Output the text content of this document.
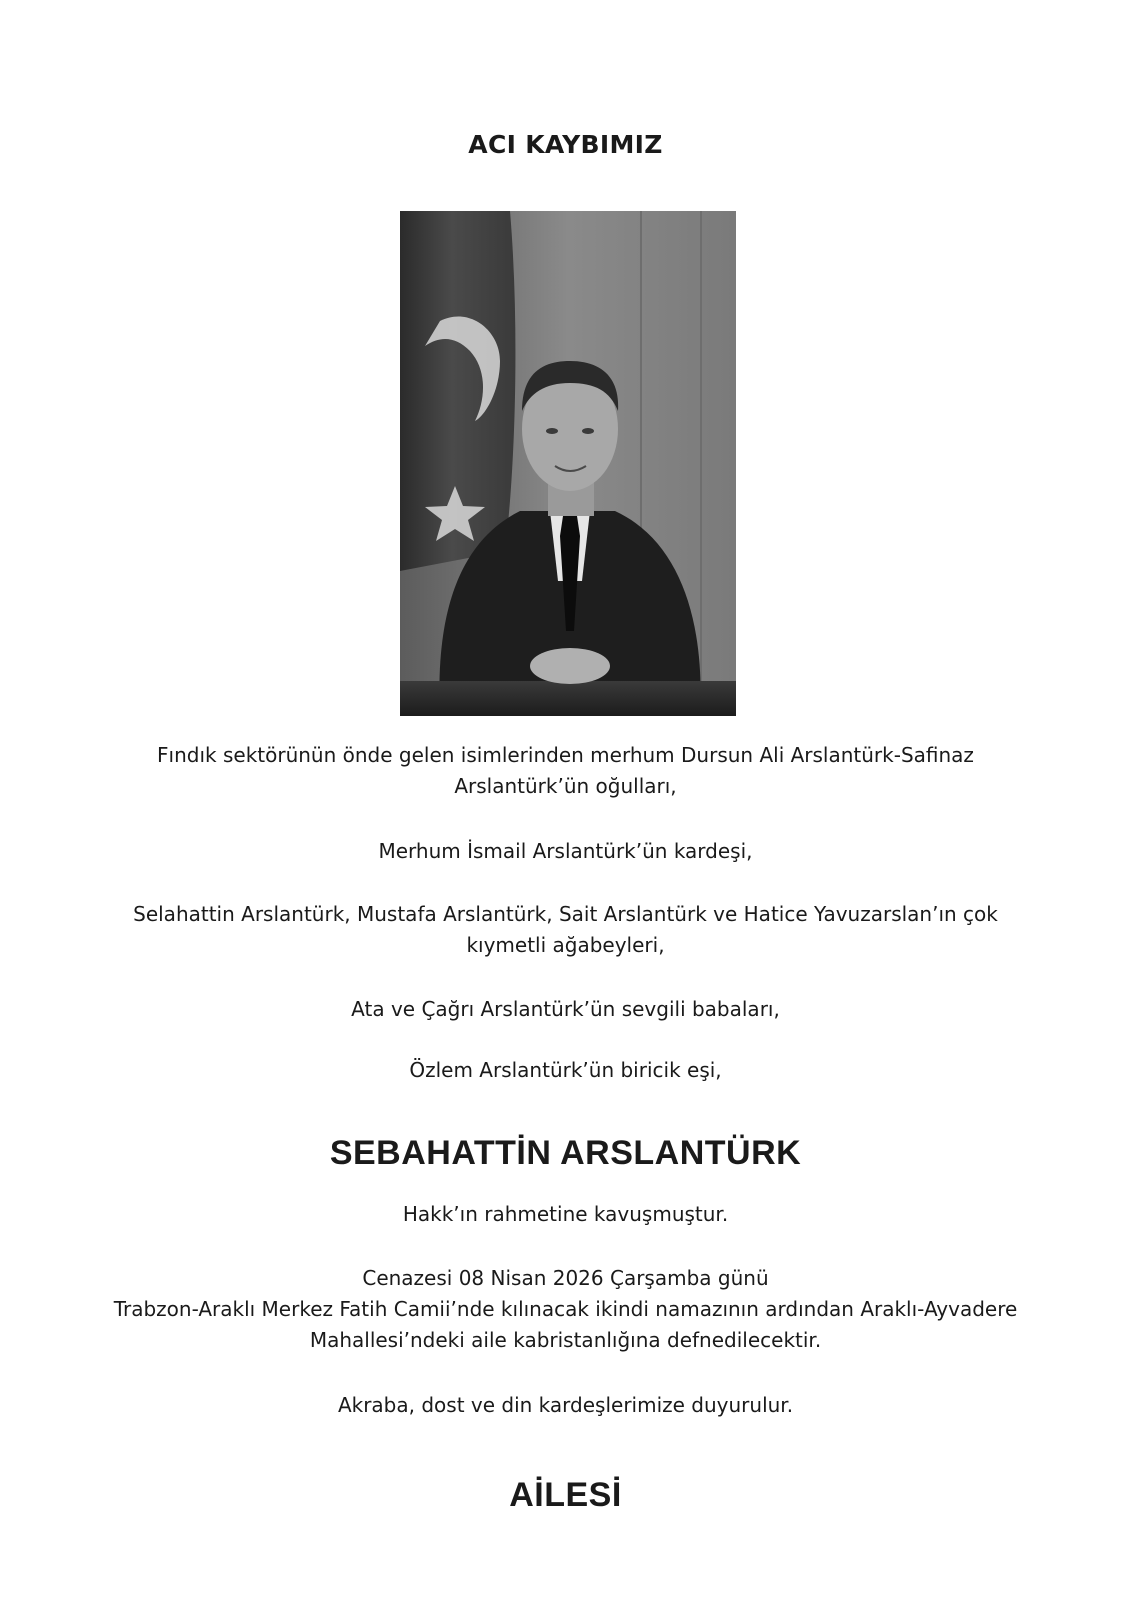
ACI KAYBIMIZ
Fındık sektörünün önde gelen isimlerinden merhum Dursun Ali Arslantürk-Safinaz Arslantürk’ün oğulları,
Merhum İsmail Arslantürk’ün kardeşi,
Selahattin Arslantürk, Mustafa Arslantürk, Sait Arslantürk ve Hatice Yavuzarslan’ın çok kıymetli ağabeyleri,
Ata ve Çağrı Arslantürk’ün sevgili babaları,
Özlem Arslantürk’ün biricik eşi,
SEBAHATTİN ARSLANTÜRK
Hakk’ın rahmetine kavuşmuştur.
Cenazesi 08 Nisan 2026 Çarşamba günü
Trabzon-Araklı Merkez Fatih Camii’nde kılınacak ikindi namazının ardından Araklı-Ayvadere Mahallesi’ndeki aile kabristanlığına defnedilecektir.
Akraba, dost ve din kardeşlerimize duyurulur.
AİLESİ
